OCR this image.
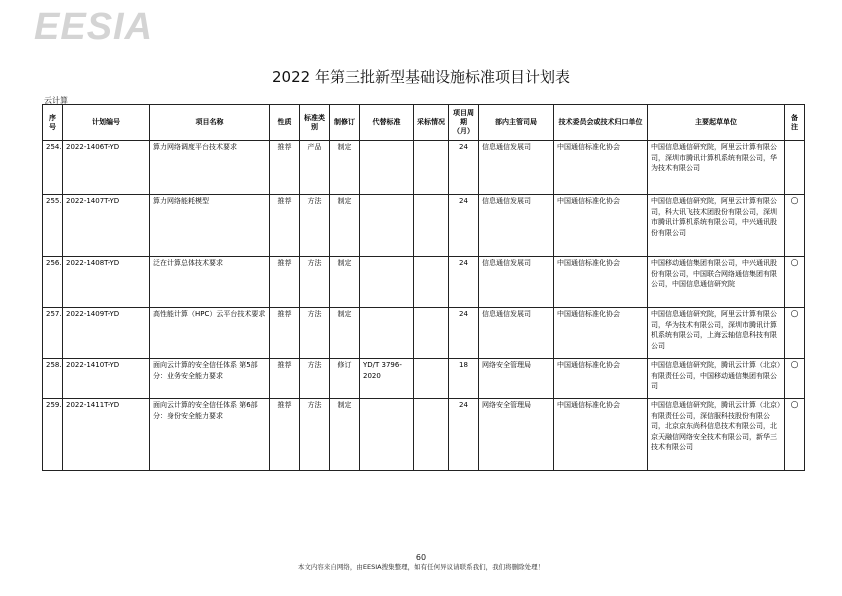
EESIA
2022 年第三批新型基础设施标准项目计划表
云计算
序号	计划编号	项目名称	性质	标准类别	制修订	代替标准	采标情况	项目周期（月）	部内主管司局	技术委员会或技术归口单位	主要起草单位	备注
254.	2022-1406T-YD	算力网络调度平台技术要求	推荐	产品	制定			24	信息通信发展司	中国通信标准化协会	中国信息通信研究院，阿里云计算有限公司，深圳市腾讯计算机系统有限公司，华为技术有限公司	
255.	2022-1407T-YD	算力网络能耗模型	推荐	方法	制定			24	信息通信发展司	中国通信标准化协会	中国信息通信研究院，阿里云计算有限公司，科大讯飞技术团股份有限公司，深圳市腾讯计算机系统有限公司，中兴通讯股份有限公司	○
256.	2022-1408T-YD	泛在计算总体技术要求	推荐	方法	制定			24	信息通信发展司	中国通信标准化协会	中国移动通信集团有限公司，中兴通讯股份有限公司，中国联合网络通信集团有限公司，中国信息通信研究院	○
257.	2022-1409T-YD	高性能计算（HPC）云平台技术要求	推荐	方法	制定			24	信息通信发展司	中国通信标准化协会	中国信息通信研究院，阿里云计算有限公司，华为技术有限公司，深圳市腾讯计算机系统有限公司，上海云轴信息科技有限公司	○
258.	2022-1410T-YD	面向云计算的安全信任体系 第5部分：业务安全能力要求	推荐	方法	修订	YD/T 3796-2020		18	网络安全管理局	中国通信标准化协会	中国信息通信研究院，腾讯云计算（北京）有限责任公司，中国移动通信集团有限公司	○
259.	2022-1411T-YD	面向云计算的安全信任体系 第6部分：身份安全能力要求	推荐	方法	制定			24	网络安全管理局	中国通信标准化协会	中国信息通信研究院，腾讯云计算（北京）有限责任公司，深信服科技股份有限公司，北京京东尚科信息技术有限公司，北京天融信网络安全技术有限公司，新华三技术有限公司	○
60
本文内容来自网络，由EESIA搜集整理，如有任何异议请联系我们，我们将删除处理！
